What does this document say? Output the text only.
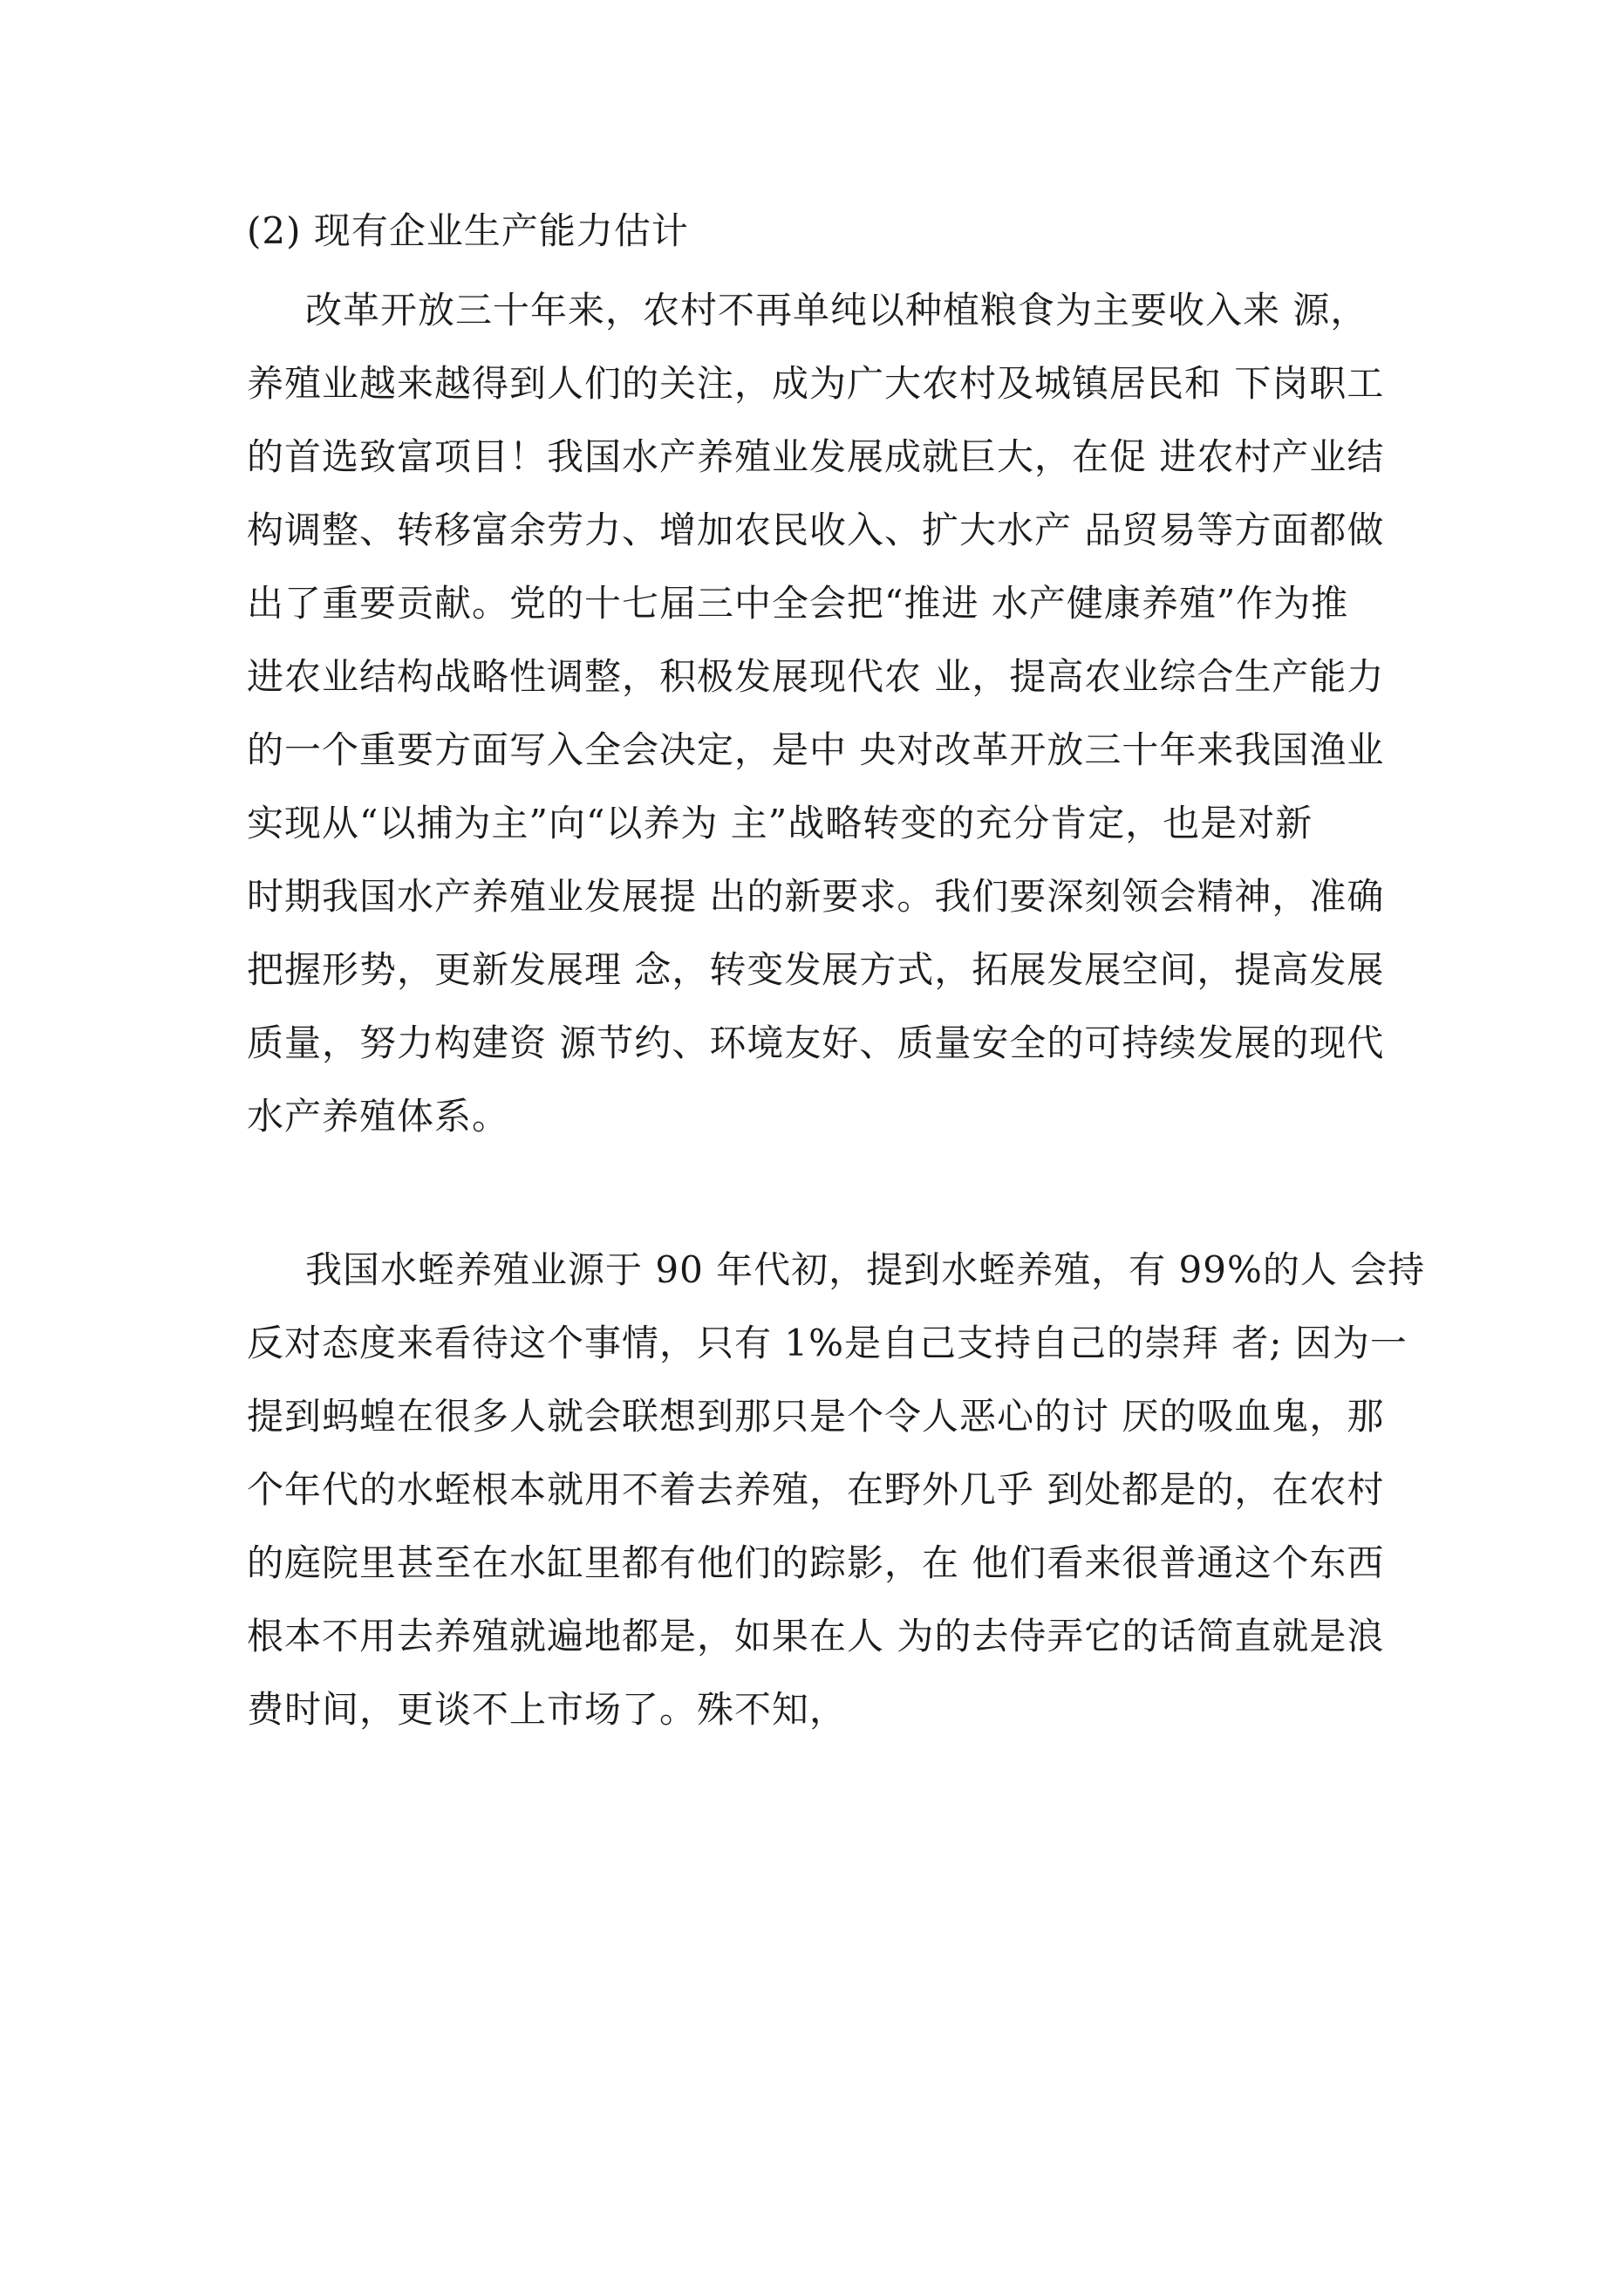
(2) 现有企业生产能力估计
改革开放三十年来，农村不再单纯以种植粮食为主要收入来 源，
养殖业越来越得到人们的关注，成为广大农村及城镇居民和 下岗职工
的首选致富项目！我国水产养殖业发展成就巨大，在促 进农村产业结
构调整、转移富余劳力、增加农民收入、扩大水产 品贸易等方面都做
出了重要贡献。党的十七届三中全会把“推进 水产健康养殖”作为推
进农业结构战略性调整，积极发展现代农 业，提高农业综合生产能力
的一个重要方面写入全会决定，是中 央对改革开放三十年来我国渔业
实现从“以捕为主”向“以养为 主”战略转变的充分肯定，也是对新
时期我国水产养殖业发展提 出的新要求。我们要深刻领会精神，准确
把握形势，更新发展理 念，转变发展方式，拓展发展空间，提高发展
质量，努力构建资 源节约、环境友好、质量安全的可持续发展的现代
水产养殖体系。
我国水蛭养殖业源于 90 年代初，提到水蛭养殖，有 99%的人 会持
反对态度来看待这个事情，只有 1%是自己支持自己的崇拜 者; 因为一
提到蚂蝗在很多人就会联想到那只是个令人恶心的讨 厌的吸血鬼，那
个年代的水蛭根本就用不着去养殖，在野外几乎 到处都是的，在农村
的庭院里甚至在水缸里都有他们的踪影，在 他们看来很普通这个东西
根本不用去养殖就遍地都是，如果在人 为的去侍弄它的话简直就是浪
费时间，更谈不上市场了。殊不知，
